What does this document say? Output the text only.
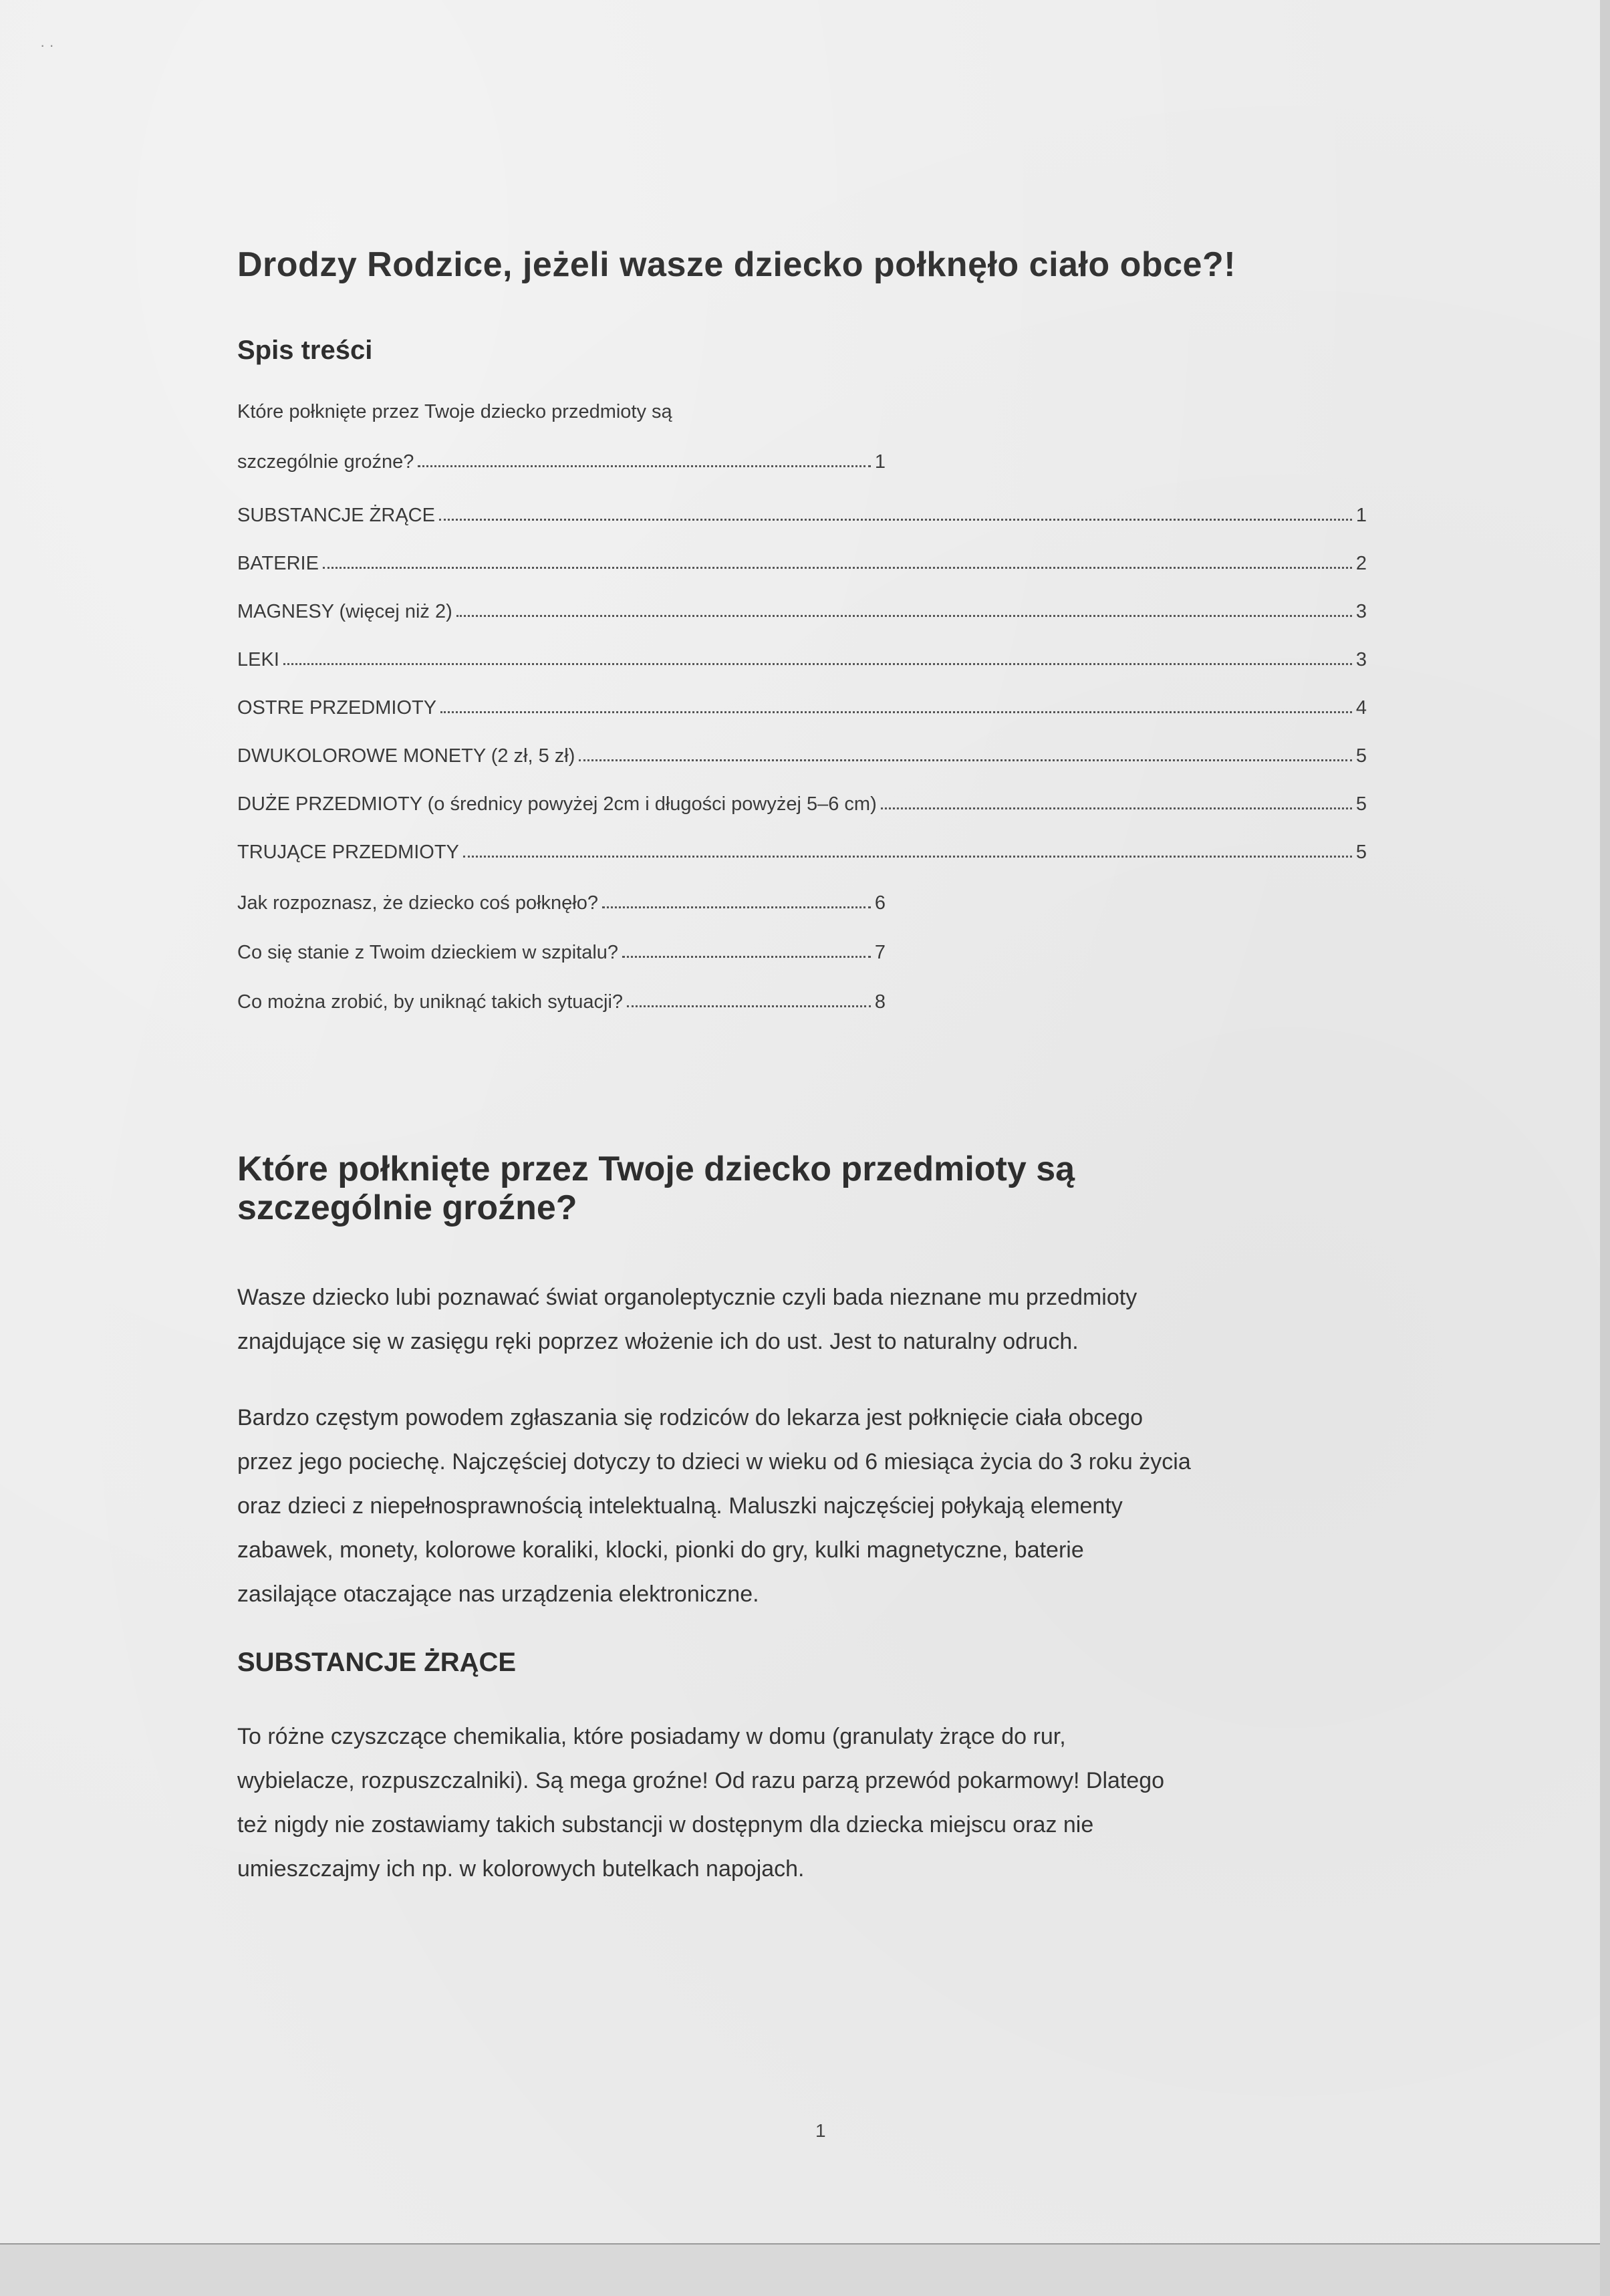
· ·
Drodzy Rodzice, jeżeli wasze dziecko połknęło ciało obce?!
Spis treści
Które połknięte przez Twoje dziecko przedmioty są
szczególnie groźne?	1
SUBSTANCJE ŻRĄCE	1
BATERIE	2
MAGNESY (więcej niż 2)	3
LEKI	3
OSTRE PRZEDMIOTY	4
DWUKOLOROWE MONETY (2 zł, 5 zł)	5
DUŻE PRZEDMIOTY (o średnicy powyżej 2cm i długości powyżej 5–6 cm)	5
TRUJĄCE PRZEDMIOTY	5
Jak rozpoznasz, że dziecko coś połknęło?	6
Co się stanie z Twoim dzieckiem w szpitalu?	7
Co można zrobić, by uniknąć takich sytuacji?	8
Które połknięte przez Twoje dziecko przedmioty są
szczególnie groźne?

Wasze dziecko lubi poznawać świat organoleptycznie czyli bada nieznane mu przedmioty
znajdujące się w zasięgu ręki poprzez włożenie ich do ust. Jest to naturalny odruch.

Bardzo częstym powodem zgłaszania się rodziców do lekarza jest połknięcie ciała obcego
przez jego pociechę. Najczęściej dotyczy to dzieci w wieku od 6 miesiąca życia do 3 roku życia
oraz dzieci z niepełnosprawnością intelektualną. Maluszki najczęściej połykają elementy
zabawek, monety, kolorowe koraliki, klocki, pionki do gry, kulki magnetyczne, baterie
zasilające otaczające nas urządzenia elektroniczne.

SUBSTANCJE ŻRĄCE

To różne czyszczące chemikalia, które posiadamy w domu (granulaty żrące do rur,
wybielacze, rozpuszczalniki). Są mega groźne! Od razu parzą przewód pokarmowy! Dlatego
też nigdy nie zostawiamy takich substancji w dostępnym dla dziecka miejscu oraz nie
umieszczajmy ich np. w kolorowych butelkach napojach.

1
